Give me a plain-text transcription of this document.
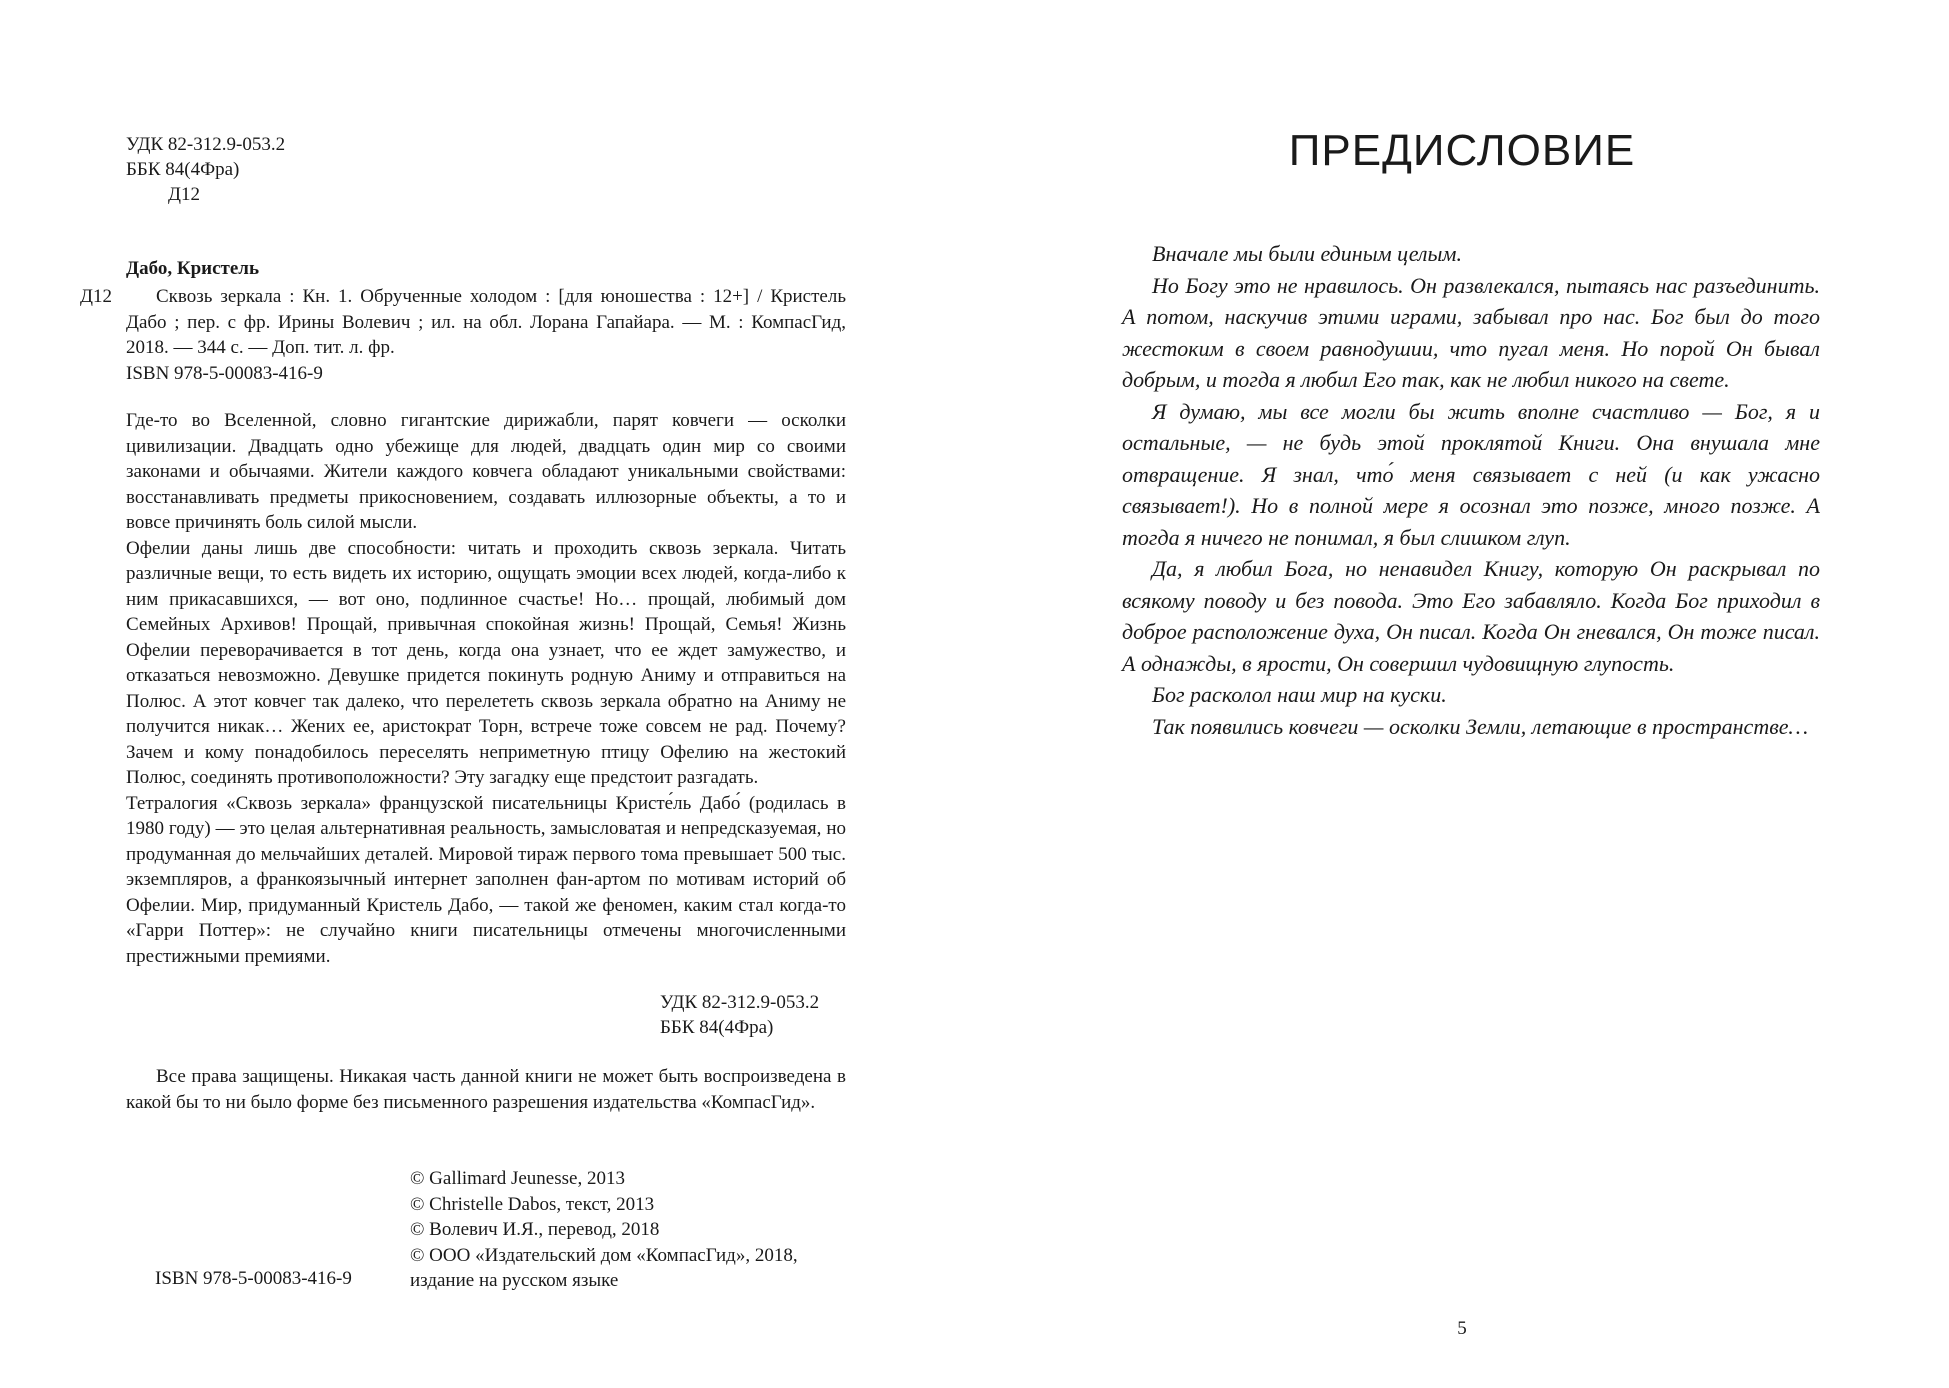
УДК 82-312.9-053.2
ББК 84(4Фра)
Д12
Дабо, Кристель
Д12	Сквозь зеркала : Кн. 1. Обрученные холодом : [для юношества : 12+] / Кристель Дабо ; пер. с фр. Ирины Волевич ; ил. на обл. Лорана Гапайара. — М. : КомпасГид, 2018. — 344 с. — Доп. тит. л. фр.

ISBN 978-5-00083-416-9

Где-то во Вселенной, словно гигантские дирижабли, парят ковчеги — осколки цивилизации. Двадцать одно убежище для людей, двадцать один мир со своими законами и обычаями. Жители каждого ковчега обладают уникальными свойствами: восстанавливать предметы прикосновением, создавать иллюзорные объекты, а то и вовсе причинять боль силой мысли.

Офелии даны лишь две способности: читать и проходить сквозь зеркала. Читать различные вещи, то есть видеть их историю, ощущать эмоции всех людей, когда-либо к ним прикасавшихся, — вот оно, подлинное счастье! Но… прощай, любимый дом Семейных Архивов! Прощай, привычная спокойная жизнь! Прощай, Семья! Жизнь Офелии переворачивается в тот день, когда она узнает, что ее ждет замужество, и отказаться невозможно. Девушке придется покинуть родную Аниму и отправиться на Полюс. А этот ковчег так далеко, что перелететь сквозь зеркала обратно на Аниму не получится никак… Жених ее, аристократ Торн, встрече тоже совсем не рад. Почему? Зачем и кому понадобилось переселять неприметную птицу Офелию на жестокий Полюс, соединять противоположности? Эту загадку еще предстоит разгадать.

Тетралогия «Сквозь зеркала» французской писательницы Кристе́ль Дабо́ (родилась в 1980 году) — это целая альтернативная реальность, замысловатая и непредсказуемая, но продуманная до мельчайших деталей. Мировой тираж первого тома превышает 500 тыс. экземпляров, а франкоязычный интернет заполнен фан-артом по мотивам историй об Офелии. Мир, придуманный Кристель Дабо, — такой же феномен, каким стал когда-то «Гарри Поттер»: не случайно книги писательницы отмечены многочисленными престижными премиями.

УДК 82-312.9-053.2
ББК 84(4Фра)
Все права защищены. Никакая часть данной книги не может быть воспроизведена в какой бы то ни было форме без письменного разрешения издательства «КомпасГид».
© Gallimard Jeunesse, 2013
© Christelle Dabos, текст, 2013
© Волевич И.Я., перевод, 2018
© ООО «Издательский дом «КомпасГид», 2018,
издание на русском языке
ISBN 978-5-00083-416-9
ПРЕДИСЛОВИЕ

Вначале мы были единым целым.

Но Богу это не нравилось. Он развлекался, пытаясь нас разъединить. А потом, наскучив этими играми, забывал про нас. Бог был до того жестоким в своем равнодушии, что пугал меня. Но порой Он бывал добрым, и тогда я любил Его так, как не любил никого на свете.

Я думаю, мы все могли бы жить вполне счастливо — Бог, я и остальные, — не будь этой проклятой Книги. Она внушала мне отвращение. Я знал, что́ меня связывает с ней (и как ужасно связывает!). Но в полной мере я осознал это позже, много позже. А тогда я ничего не понимал, я был слишком глуп.

Да, я любил Бога, но ненавидел Книгу, которую Он раскрывал по всякому поводу и без повода. Это Его забавляло. Когда Бог приходил в доброе расположение духа, Он писал. Когда Он гневался, Он тоже писал. А однажды, в ярости, Он совершил чудовищную глупость.

Бог расколол наш мир на куски.

Так появились ковчеги — осколки Земли, летающие в пространстве…

5
